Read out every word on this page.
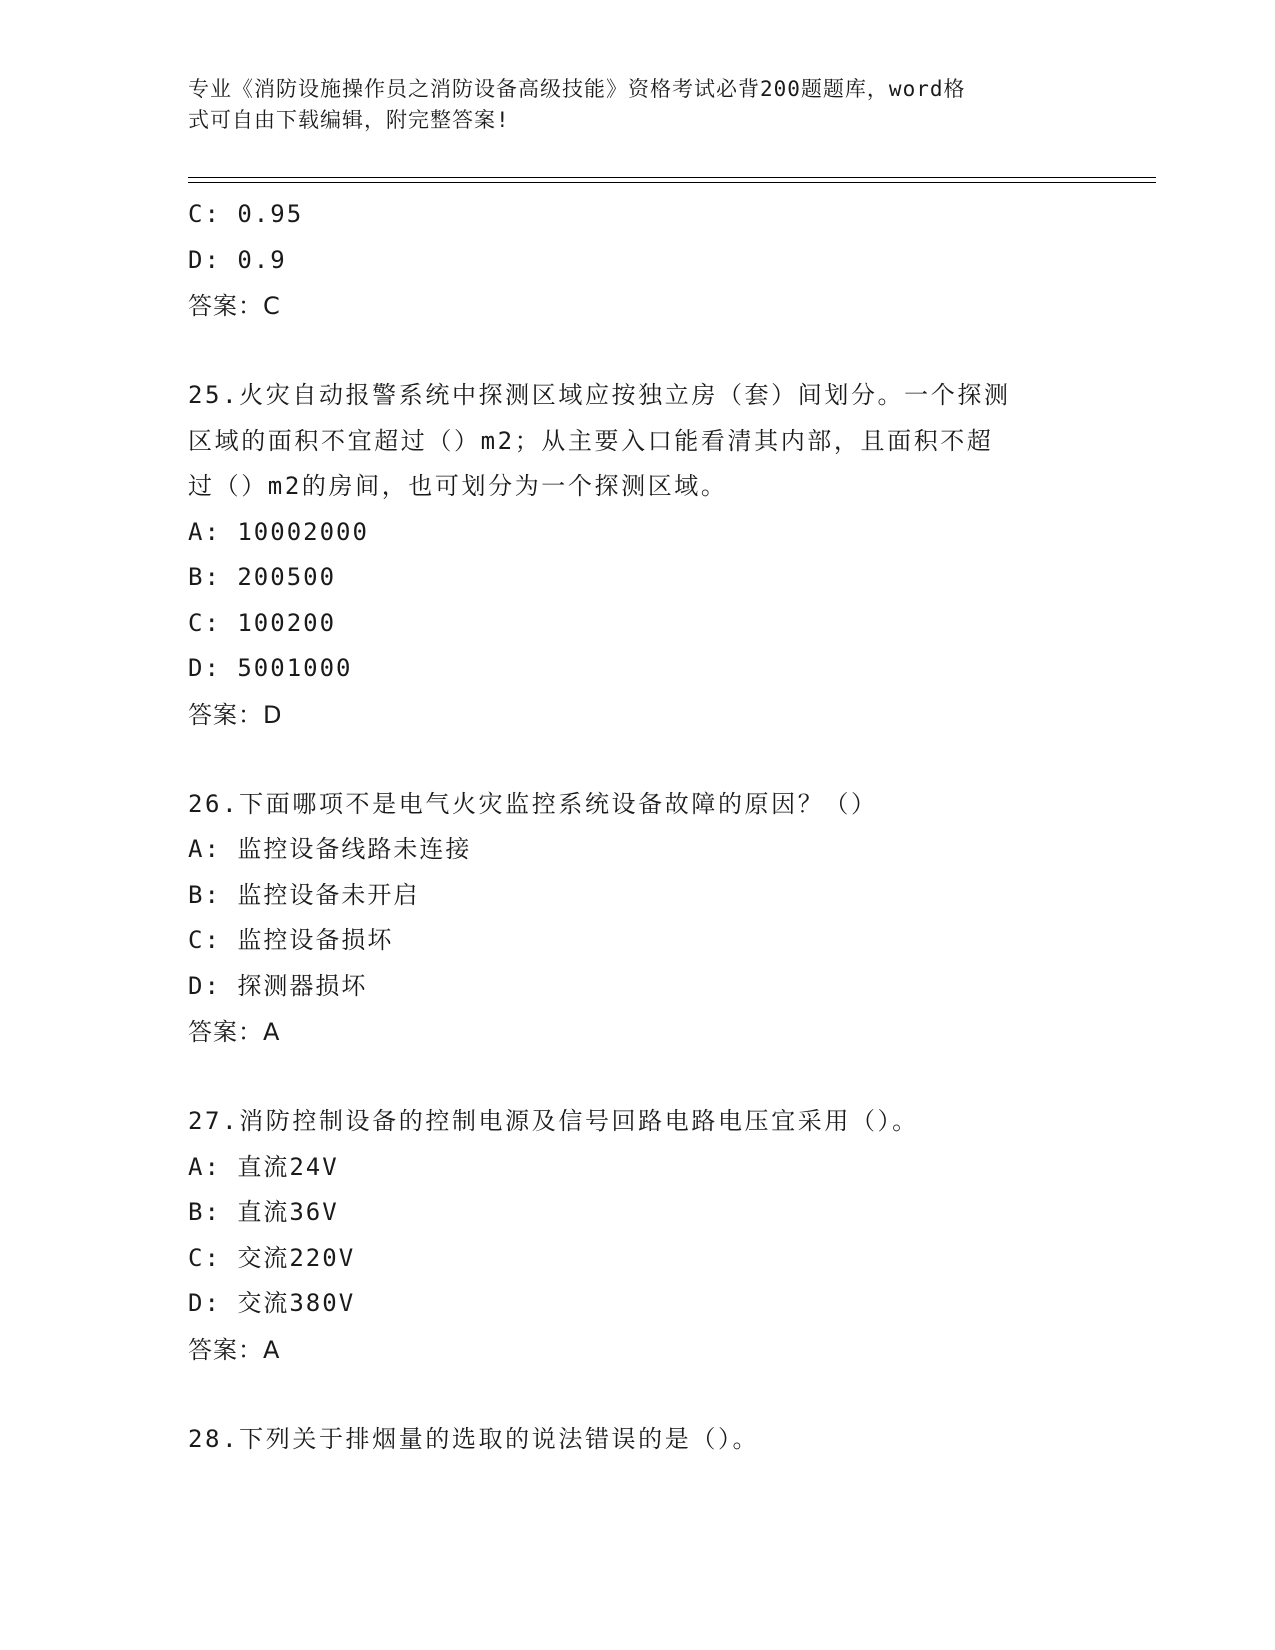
专业《消防设施操作员之消防设备高级技能》资格考试必背200题题库，word格
式可自由下载编辑，附完整答案!
C: 0.95
D: 0.9
答案：C
25.火灾自动报警系统中探测区域应按独立房（套）间划分。一个探测
区域的面积不宜超过（）m2；从主要入口能看清其内部，且面积不超
过（）m2的房间，也可划分为一个探测区域。
A: 10002000
B: 200500
C: 100200
D: 5001000
答案：D
26.下面哪项不是电气火灾监控系统设备故障的原因？（）
A: 监控设备线路未连接
B: 监控设备未开启
C: 监控设备损坏
D: 探测器损坏
答案：A
27.消防控制设备的控制电源及信号回路电路电压宜采用（）。
A: 直流24V
B: 直流36V
C: 交流220V
D: 交流380V
答案：A
28.下列关于排烟量的选取的说法错误的是（）。
